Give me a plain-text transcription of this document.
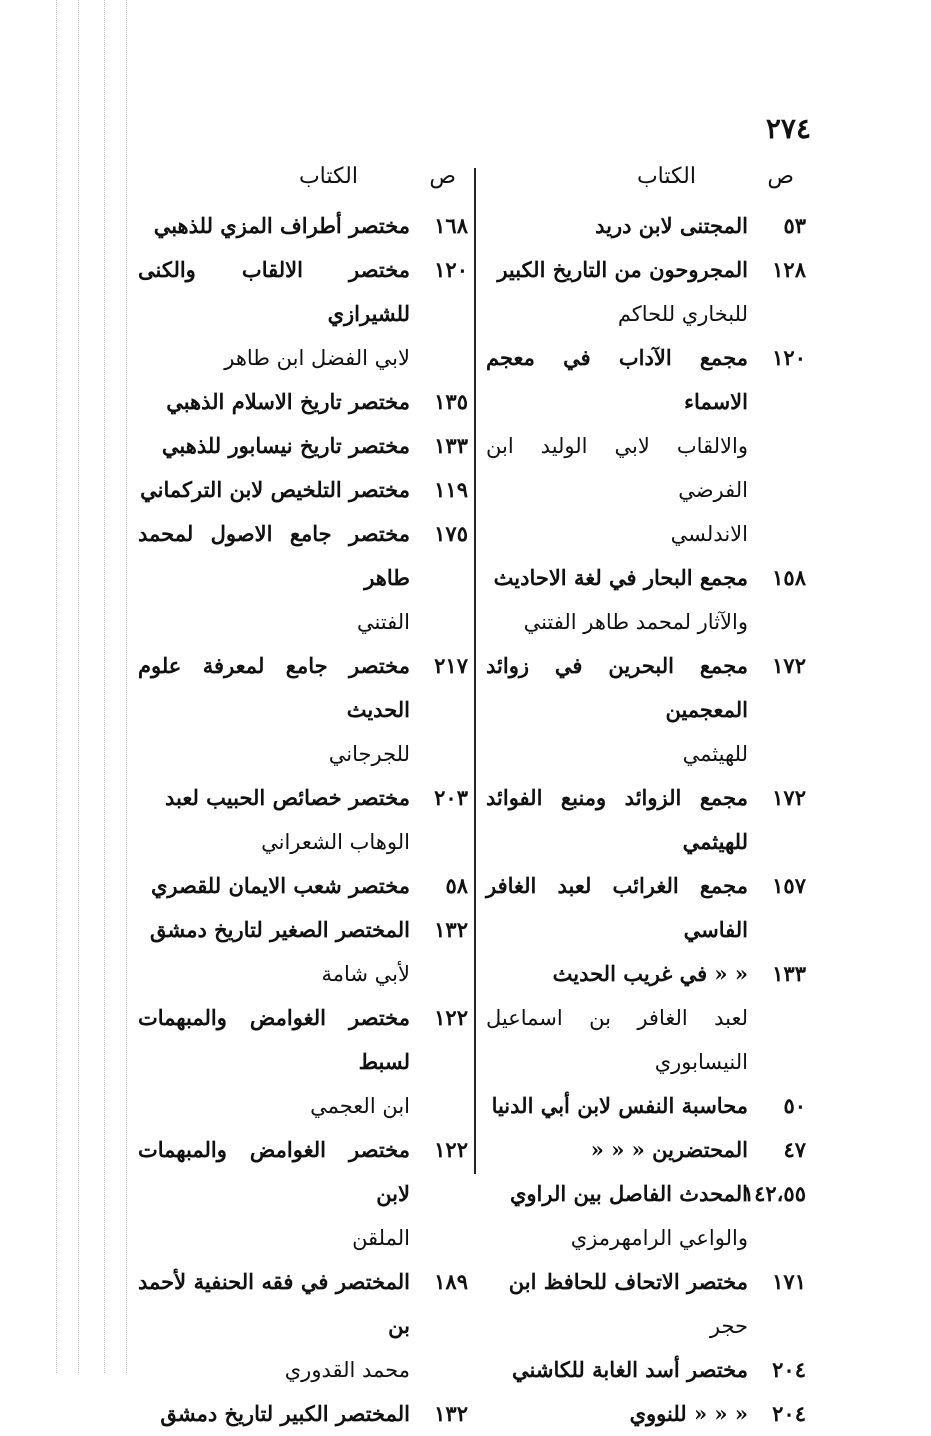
٢٧٤
ص
الكتاب
٥٣
المجتنى لابن دريد
١٢٨
المجروحون من التاريخ الكبير
للبخاري للحاكم
١٢٠
مجمع الآداب في معجم الاسماء
والالقاب لابي الوليد ابن الفرضي
الاندلسي
١٥٨
مجمع البحار في لغة الاحاديث
والآثار لمحمد طاهر الفتني
١٧٢
مجمع البحرين في زوائد المعجمين
للهيثمي
١٧٢
مجمع الزوائد ومنبع الفوائد للهيثمي
١٥٧
مجمع الغرائب لعبد الغافر الفاسي
١٣٣
« « في غريب الحديث
لعبد الغافر بن اسماعيل النيسابوري
٥٠
محاسبة النفس لابن أبي الدنيا
٤٧
المحتضرين « « «
١٤٢،٥٥
المحدث الفاصل بين الراوي
والواعي الرامهرمزي
١٧١
مختصر الاتحاف للحافظ ابن
حجر
٢٠٤
مختصر أسد الغابة للكاشني
٢٠٤
« « « للنووي
ص
الكتاب
١٦٨
مختصر أطراف المزي للذهبي
١٢٠
مختصر الالقاب والكنى للشيرازي
لابي الفضل ابن طاهر
١٣٥
مختصر تاريخ الاسلام الذهبي
١٣٣
مختصر تاريخ نيسابور للذهبي
١١٩
مختصر التلخيص لابن التركماني
١٧٥
مختصر جامع الاصول لمحمد طاهر
الفتني
٢١٧
مختصر جامع لمعرفة علوم الحديث
للجرجاني
٢٠٣
مختصر خصائص الحبيب لعبد
الوهاب الشعراني
٥٨
مختصر شعب الايمان للقصري
١٣٢
المختصر الصغير لتاريخ دمشق
لأبي شامة
١٢٢
مختصر الغوامض والمبهمات لسبط
ابن العجمي
١٢٢
مختصر الغوامض والمبهمات لابن
الملقن
١٨٩
المختصر في فقه الحنفية لأحمد بن
محمد القدوري
١٣٢
المختصر الكبير لتاريخ دمشق
